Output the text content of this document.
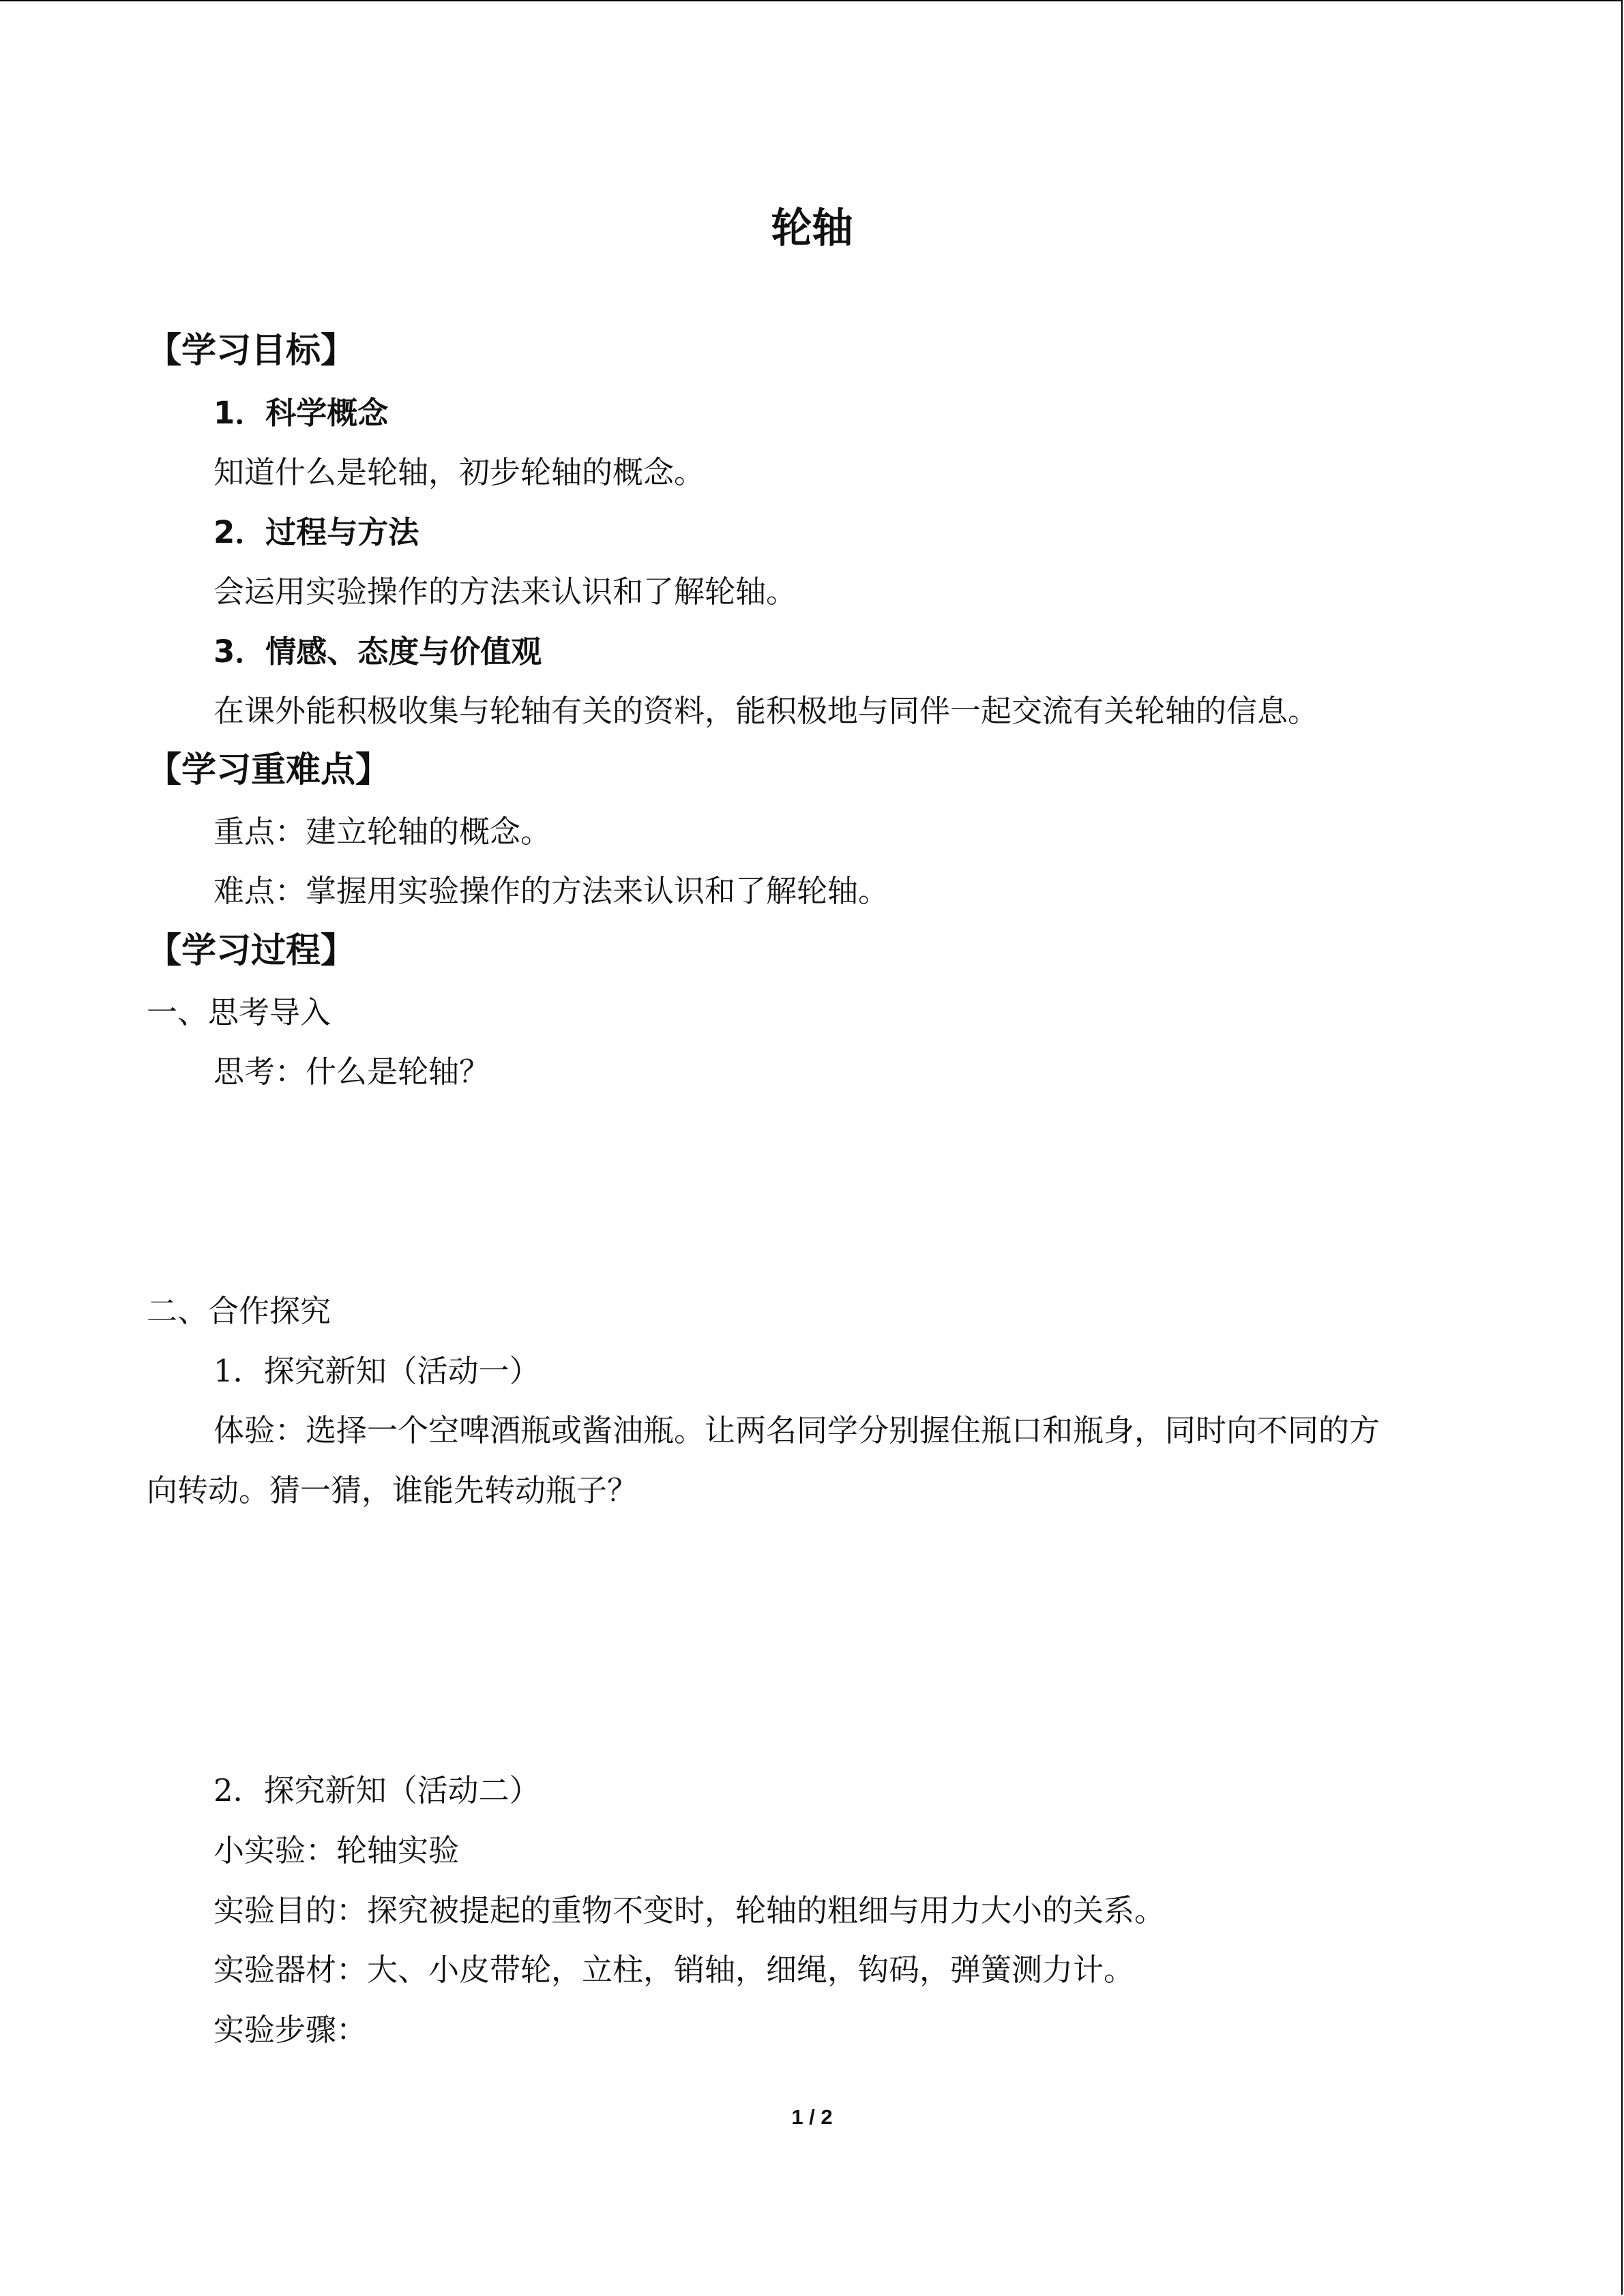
轮轴
【学习目标】
1．科学概念
知道什么是轮轴，初步轮轴的概念。
2．过程与方法
会运用实验操作的方法来认识和了解轮轴。
3．情感、态度与价值观
在课外能积极收集与轮轴有关的资料，能积极地与同伴一起交流有关轮轴的信息。
【学习重难点】
重点：建立轮轴的概念。
难点：掌握用实验操作的方法来认识和了解轮轴。
【学习过程】
一、思考导入
思考：什么是轮轴？
二、合作探究
1．探究新知（活动一）
体验：选择一个空啤酒瓶或酱油瓶。让两名同学分别握住瓶口和瓶身，同时向不同的方
向转动。猜一猜，谁能先转动瓶子？
2．探究新知（活动二）
小实验：轮轴实验
实验目的：探究被提起的重物不变时，轮轴的粗细与用力大小的关系。
实验器材：大、小皮带轮，立柱，销轴，细绳，钩码，弹簧测力计。
实验步骤：
1 / 2
